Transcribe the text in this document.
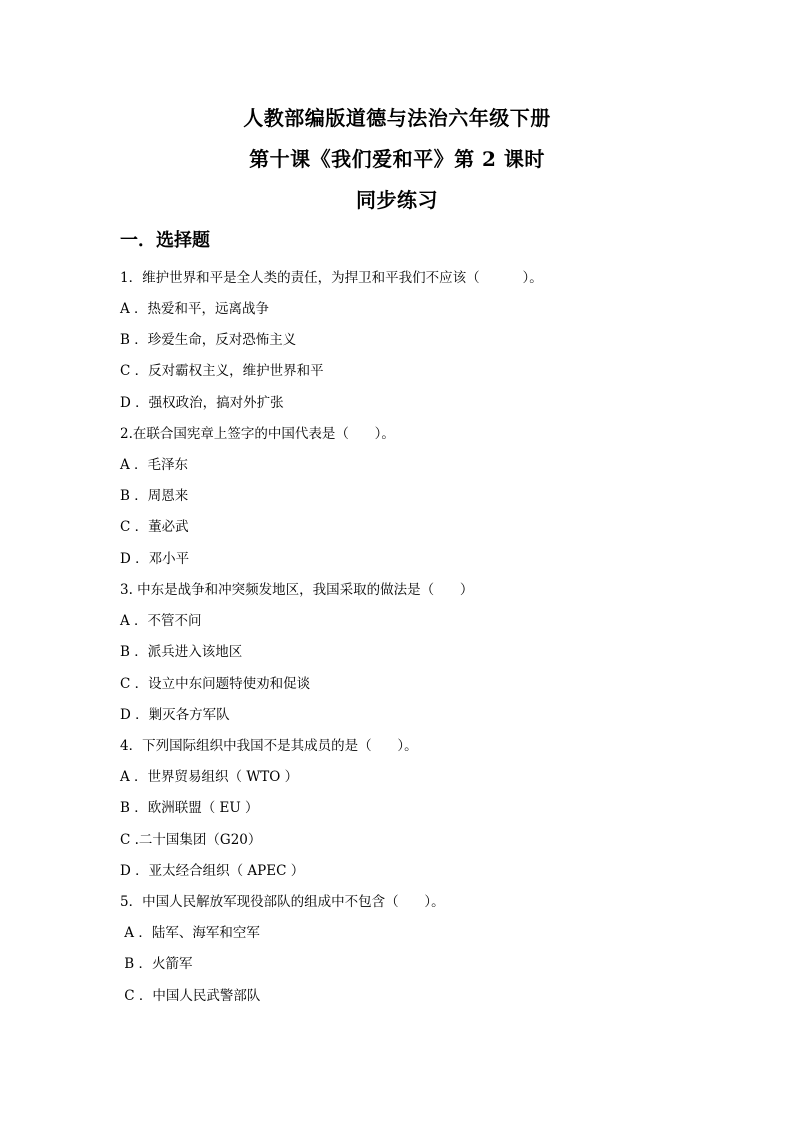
人教部编版道德与法治六年级下册
第十课《我们爱和平》第 2 课时
同步练习
一．选择题
1．维护世界和平是全人类的责任，为捍卫和平我们不应该（          ）。
A ．热爱和平，远离战争
B ．珍爱生命，反对恐怖主义
C ．反对霸权主义，维护世界和平
D ．强权政治，搞对外扩张
2.在联合国宪章上签字的中国代表是（      ）。
A ．毛泽东
B ．周恩来
C ．董必武
D ．邓小平
3. 中东是战争和冲突频发地区，我国采取的做法是（      ）
A ．不管不问
B ．派兵进入该地区
C ．设立中东问题特使劝和促谈
D ．剿灭各方军队
4．下列国际组织中我国不是其成员的是（      ）。
A ．世界贸易组织（ WTO ）
B ．欧洲联盟（ EU ）
C .二十国集团（G20）
D ．亚太经合组织（ APEC ）
5．中国人民解放军现役部队的组成中不包含（      ）。
A ．陆军、海军和空军
B ．火箭军
C ．中国人民武警部队
